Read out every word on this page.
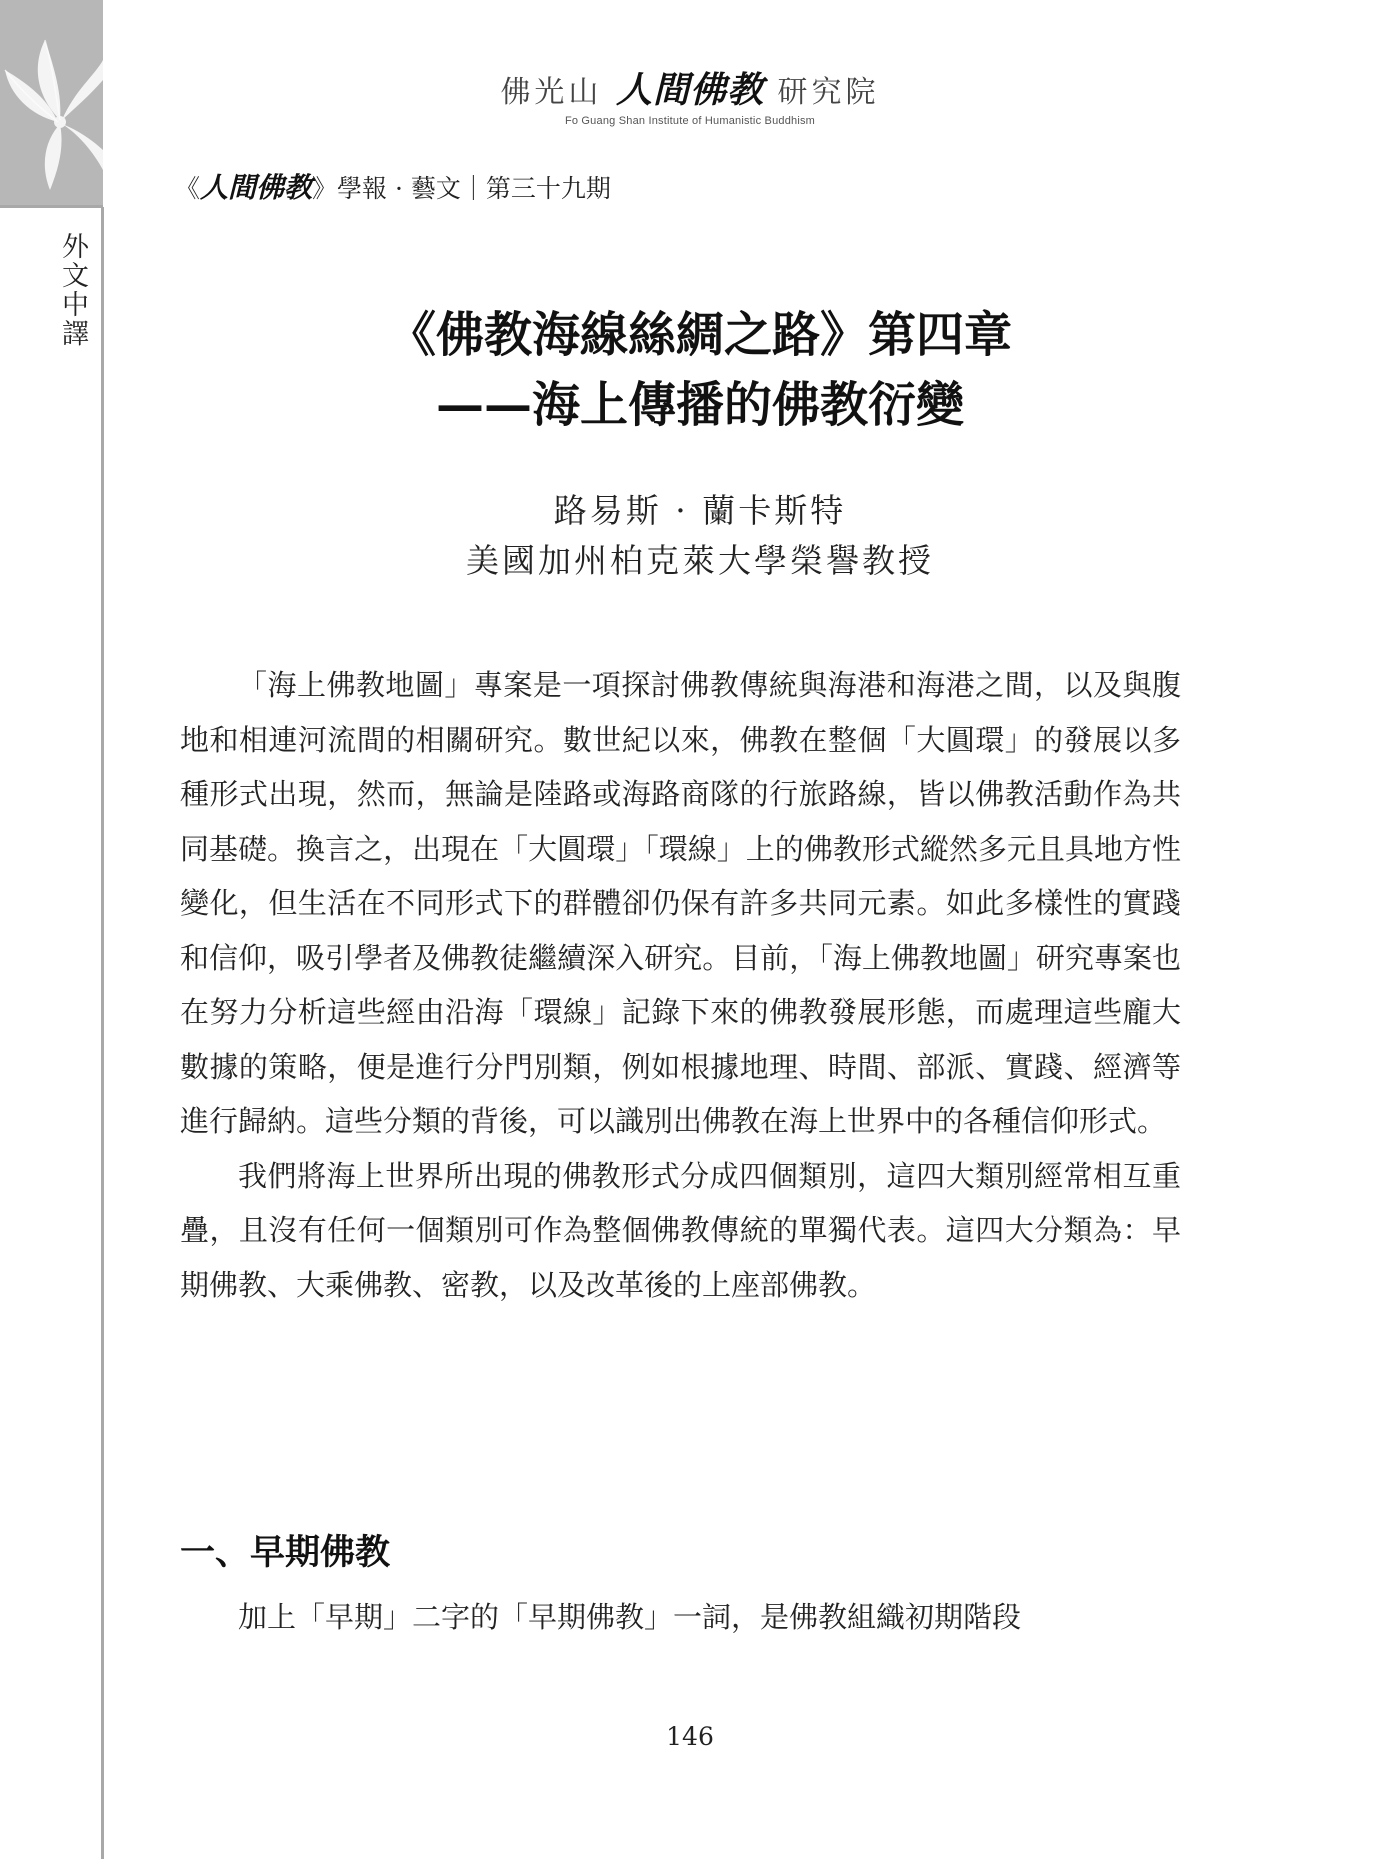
外文中譯
佛光山 人間佛教 研究院
Fo Guang Shan Institute of Humanistic Buddhism
《人間佛教》學報 · 藝文｜第三十九期
《佛教海線絲綢之路》第四章
——海上傳播的佛教衍變
路易斯 · 蘭卡斯特
美國加州柏克萊大學榮譽教授

「海上佛教地圖」專案是一項探討佛教傳統與海港和海港之間，以及與腹地和相連河流間的相關研究。數世紀以來，佛教在整個「大圓環」的發展以多種形式出現，然而，無論是陸路或海路商隊的行旅路線，皆以佛教活動作為共同基礎。換言之，出現在「大圓環」「環線」上的佛教形式縱然多元且具地方性變化，但生活在不同形式下的群體卻仍保有許多共同元素。如此多樣性的實踐和信仰，吸引學者及佛教徒繼續深入研究。目前，「海上佛教地圖」研究專案也在努力分析這些經由沿海「環線」記錄下來的佛教發展形態，而處理這些龐大數據的策略，便是進行分門別類，例如根據地理、時間、部派、實踐、經濟等進行歸納。這些分類的背後，可以識別出佛教在海上世界中的各種信仰形式。

我們將海上世界所出現的佛教形式分成四個類別，這四大類別經常相互重疊，且沒有任何一個類別可作為整個佛教傳統的單獨代表。這四大分類為：早期佛教、大乘佛教、密教，以及改革後的上座部佛教。

一、早期佛教

加上「早期」二字的「早期佛教」一詞，是佛教組織初期階段

146
